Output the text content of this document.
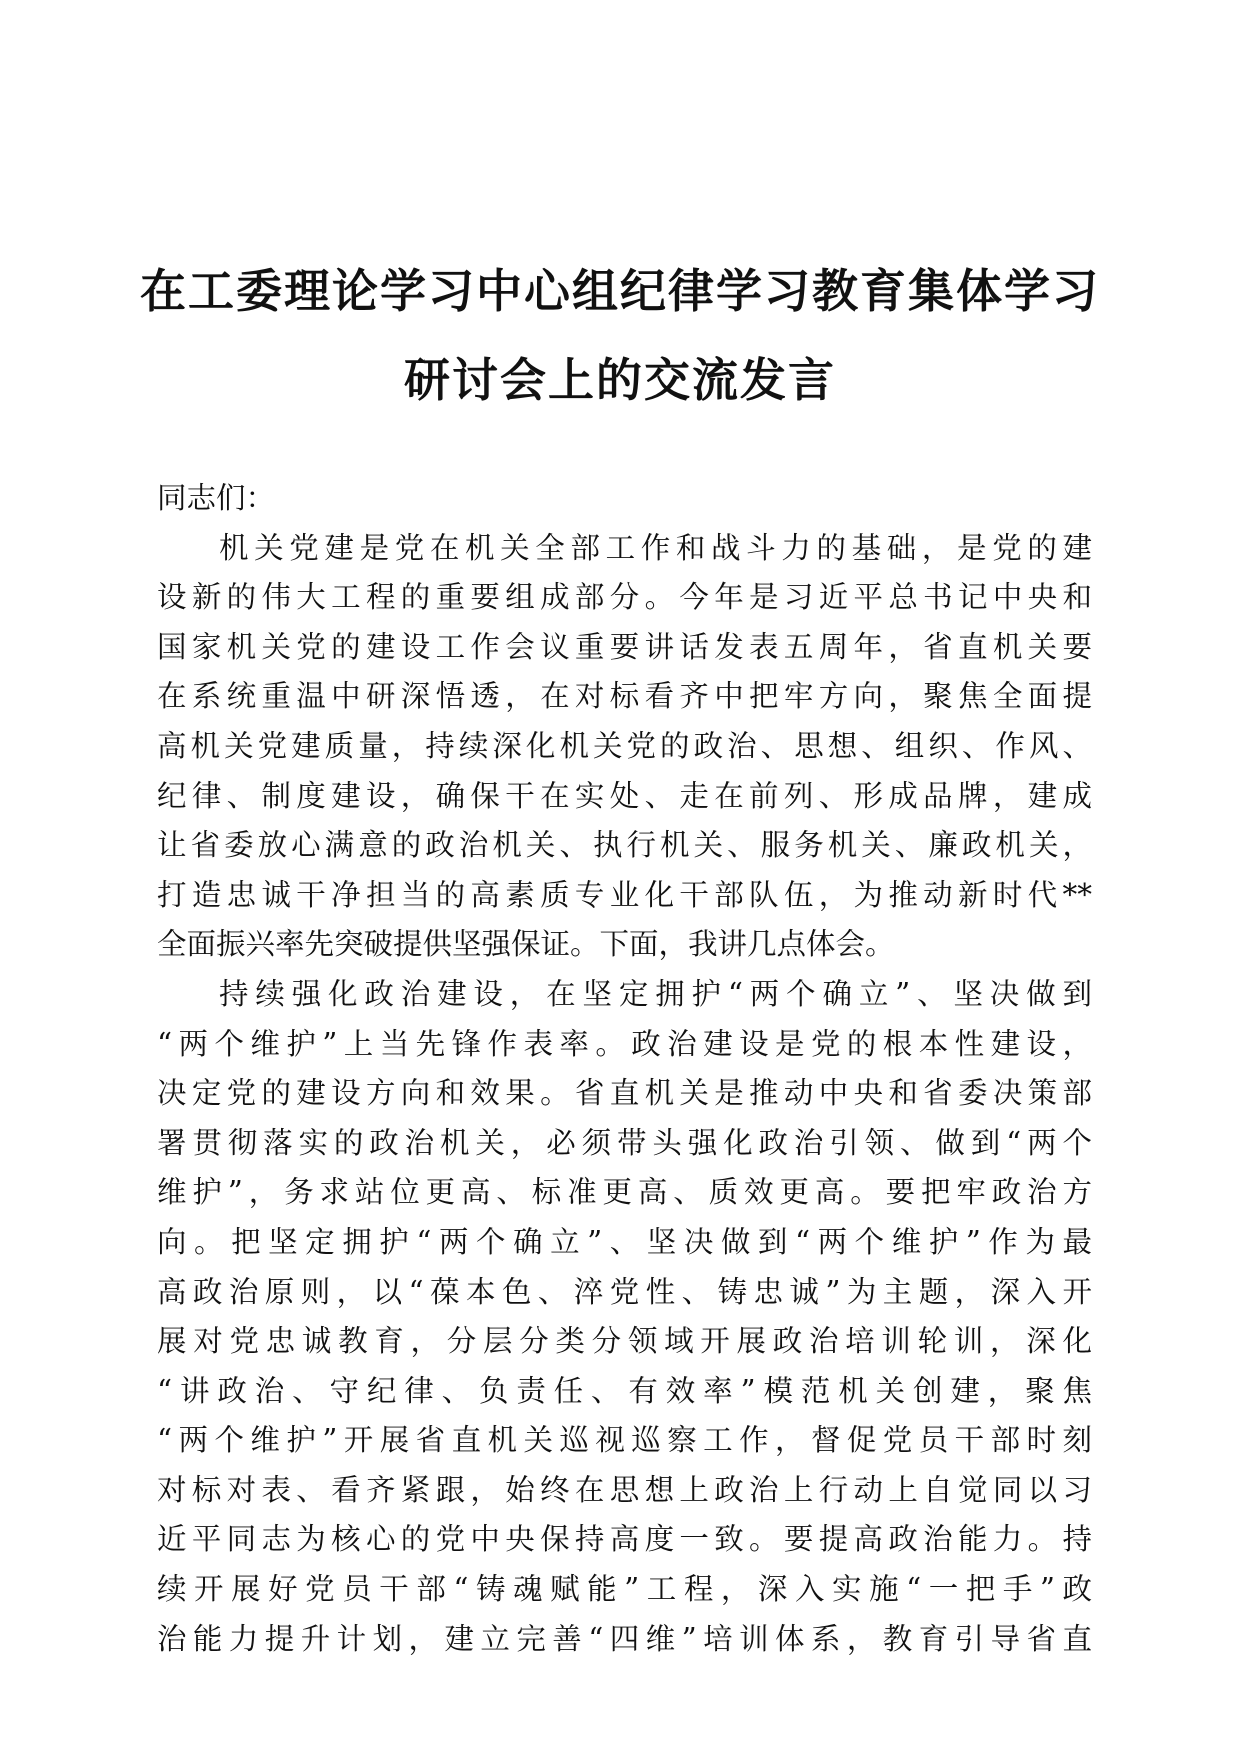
在工委理论学习中心组纪律学习教育集体学习
研讨会上的交流发言
同志们：
机关党建是党在机关全部工作和战斗力的基础，是党的建
设新的伟大工程的重要组成部分。今年是习近平总书记中央和
国家机关党的建设工作会议重要讲话发表五周年，省直机关要
在系统重温中研深悟透，在对标看齐中把牢方向，聚焦全面提
高机关党建质量，持续深化机关党的政治、思想、组织、作风、
纪律、制度建设，确保干在实处、走在前列、形成品牌，建成
让省委放心满意的政治机关、执行机关、服务机关、廉政机关，
打造忠诚干净担当的高素质专业化干部队伍，为推动新时代**
全面振兴率先突破提供坚强保证。下面，我讲几点体会。
持续强化政治建设，在坚定拥护“两个确立”、坚决做到
“两个维护”上当先锋作表率。政治建设是党的根本性建设，
决定党的建设方向和效果。省直机关是推动中央和省委决策部
署贯彻落实的政治机关，必须带头强化政治引领、做到“两个
维护”，务求站位更高、标准更高、质效更高。要把牢政治方
向。把坚定拥护“两个确立”、坚决做到“两个维护”作为最
高政治原则，以“葆本色、淬党性、铸忠诚”为主题，深入开
展对党忠诚教育，分层分类分领域开展政治培训轮训，深化
“讲政治、守纪律、负责任、有效率”模范机关创建，聚焦
“两个维护”开展省直机关巡视巡察工作，督促党员干部时刻
对标对表、看齐紧跟，始终在思想上政治上行动上自觉同以习
近平同志为核心的党中央保持高度一致。要提高政治能力。持
续开展好党员干部“铸魂赋能”工程，深入实施“一把手”政
治能力提升计划，建立完善“四维”培训体系，教育引导省直
